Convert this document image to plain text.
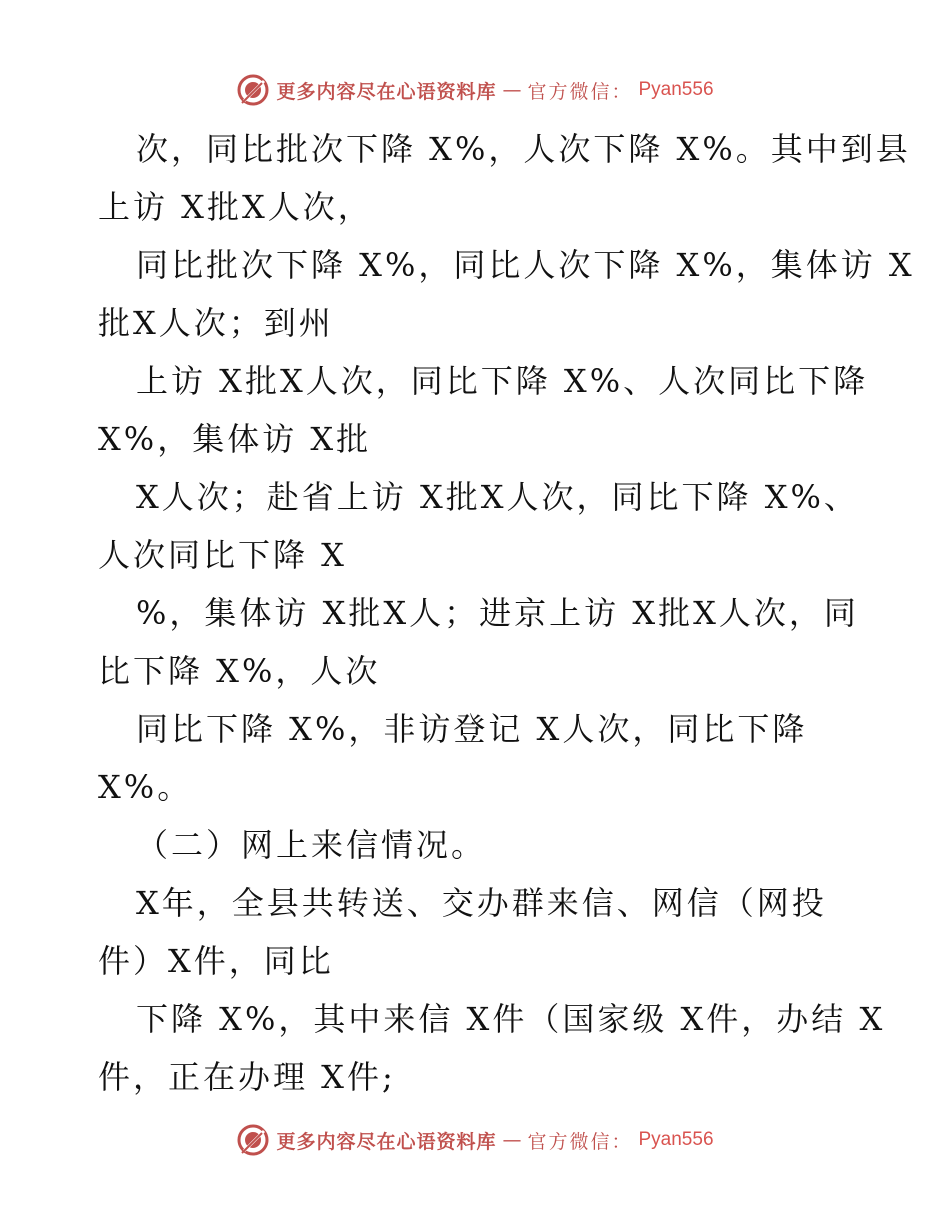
更多内容尽在心语资料库 — 官方微信： Pyan556
次，同比批次下降 X%，人次下降 X%。其中到县
上访 X批X人次，
同比批次下降 X%，同比人次下降 X%，集体访 X
批X人次；到州
上访 X批X人次，同比下降 X%、人次同比下降
X%，集体访 X批
X人次；赴省上访 X批X人次，同比下降 X%、
人次同比下降 X
%，集体访 X批X人；进京上访 X批X人次，同
比下降 X%，人次
同比下降 X%，非访登记 X人次，同比下降
X%。
（二）网上来信情况。
X年，全县共转送、交办群来信、网信（网投
件）X件，同比
下降 X%，其中来信 X件（国家级 X件，办结 X
件，正在办理 X件;
更多内容尽在心语资料库 — 官方微信： Pyan556
